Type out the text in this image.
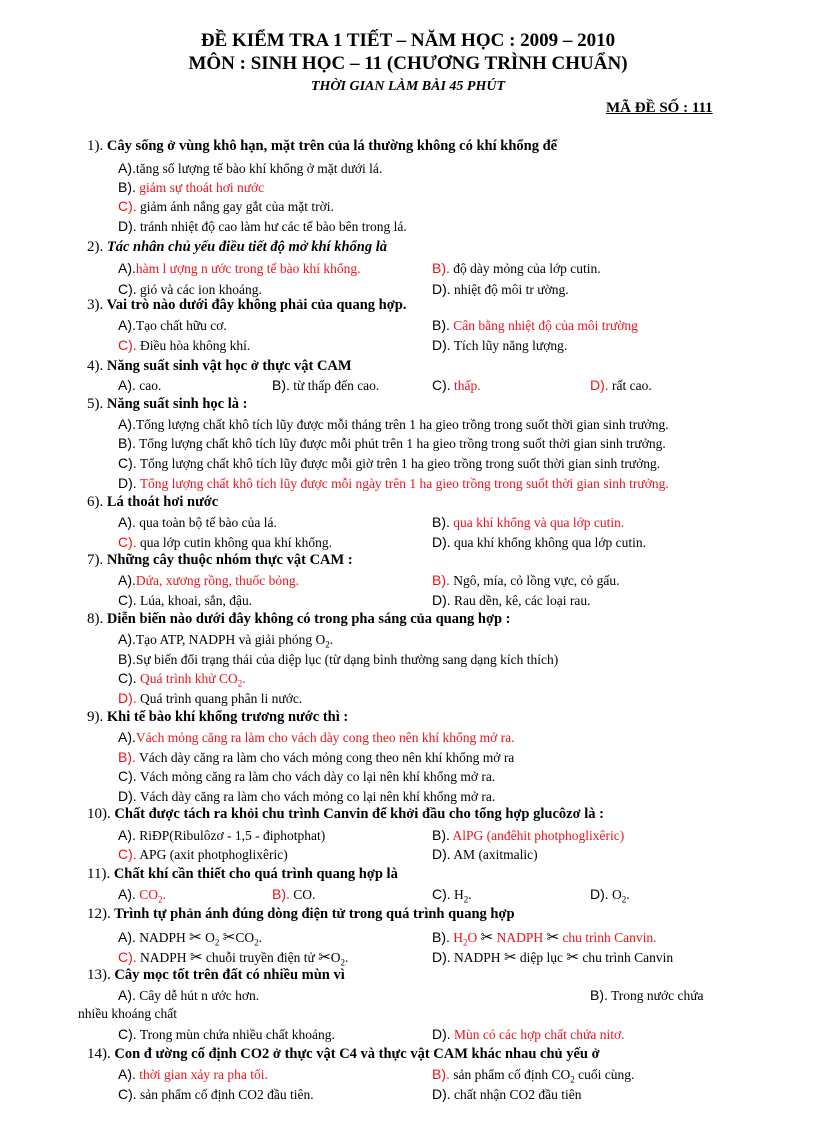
ĐỀ KIỂM TRA 1 TIẾT – NĂM HỌC : 2009 – 2010
MÔN : SINH HỌC – 11 (CHƯƠNG TRÌNH CHUẨN)
THỜI GIAN LÀM BÀI 45 PHÚT
MÃ ĐỀ SỐ : 111
1). Cây sống ở vùng khô hạn, mặt trên của lá thường không có khí khổng để
A).tăng số lượng tế bào khí khổng ở mặt dưới lá.
B). giảm sự thoát hơi nước
C). giảm ánh nắng gay gắt của mặt trời.
D). tránh nhiệt độ cao làm hư các tế bào bên trong lá.
2). Tác nhân chủ yếu điều tiết độ mở khí khổng là
A).hàm l ượng n ước trong tế bào khí khổng.	B). độ dày mỏng của lớp cutin.
C). gió và các ion khoáng.	D). nhiệt độ môi tr ường.
3). Vai trò nào dưới đây không phải của quang hợp.
A).Tạo chất hữu cơ.	B). Cân bằng nhiệt độ của môi trường
C). Điều hòa không khí.	D). Tích lũy năng lượng.
4). Năng suất sinh vật học ở thực vật CAM
A). cao.	B). từ thấp đến cao.	C). thấp.	D). rất cao.
5). Năng suất sinh học là :
A).Tổng lượng chất khô tích lũy được mỗi tháng trên 1 ha gieo trồng trong suốt thời gian sinh trưởng.
B). Tổng lượng chất khô tích lũy được mỗi phút trên 1 ha gieo trồng trong suốt thời gian sinh trưởng.
C). Tổng lượng chất khô tích lũy được mỗi giờ trên 1 ha gieo trồng trong suốt thời gian sinh trưởng.
D). Tổng lượng chất khô tích lũy được mỗi ngày trên 1 ha gieo trồng trong suốt thời gian sinh trưởng.
6). Lá thoát hơi nước
A). qua toàn bộ tế bào của lá.	B). qua khí khổng và qua lớp cutin.
C). qua lớp cutin không qua khí khổng.	D). qua khí khổng không qua lớp cutin.
7). Những cây thuộc nhóm thực vật CAM :
A).Dứa, xương rồng, thuốc bỏng.	B). Ngô, mía, cỏ lồng vực, cỏ gấu.
C). Lúa, khoai, sắn, đậu.	D). Rau dền, kê, các loại rau.
8). Diễn biến nào dưới đây không có trong pha sáng của quang hợp :
A).Tạo ATP, NADPH và giải phóng $O_2$.
B).Sự biến đổi trạng thái của diệp lục (từ dạng bình thường sang dạng kích thích)
C). Quá trình khử $CO_2$.
D). Quá trình quang phân li nước.
9). Khi tế bào khí khổng trương nước thì :
A).Vách mỏng căng ra làm cho vách dày cong theo nên khí khổng mở ra.
B). Vách dày căng ra làm cho vách mỏng cong theo nên khí khổng mở ra
C). Vách mỏng căng ra làm cho vách dày co lại nên khí khổng mở ra.
D). Vách dày căng ra làm cho vách mỏng co lại nên khí khổng mở ra.
10). Chất được tách ra khỏi chu trình Canvin để khởi đầu cho tổng hợp glucôzơ là :
A). RiĐP(Ribulôzơ - 1,5 - điphotphat)	B). AlPG (anđêhit photphoglixêric)
C). APG (axit photphoglixêric)	D). AM (axitmalic)
11). Chất khí cần thiết cho quá trình quang hợp là
A). $CO_2$.	B). CO.	C). $H_2$.	D). $O_2$.
12). Trình tự phản ánh đúng dòng điện tử trong quá trình quang hợp
A). NADPH ✂ $O_2$ $✂CO_2$.	B). $H_2O$ ✂ NADPH ✂ chu trình Canvin.
C). NADPH ✂ chuỗi truyền điện tử $✂O_2$.	D). NADPH ✂ diệp lục ✂ chu trình Canvin
13). Cây mọc tốt trên đất có nhiều mùn vì
A). Cây dễ hút n ước hơn.	B). Trong nước chứa
nhiều khoáng chất
C). Trong mùn chứa nhiều chất khoáng.	D). Mùn có các hợp chất chứa nitơ.
14). Con đ ường cố định CO2 ở thực vật C4 và thực vật CAM khác nhau chủ yếu ở
A). thời gian xảy ra pha tối.	B). sản phẩm cố định $CO_2$ cuối cùng.
C). sản phẩm cố định CO2 đầu tiên.	D). chất nhận CO2 đầu tiên
